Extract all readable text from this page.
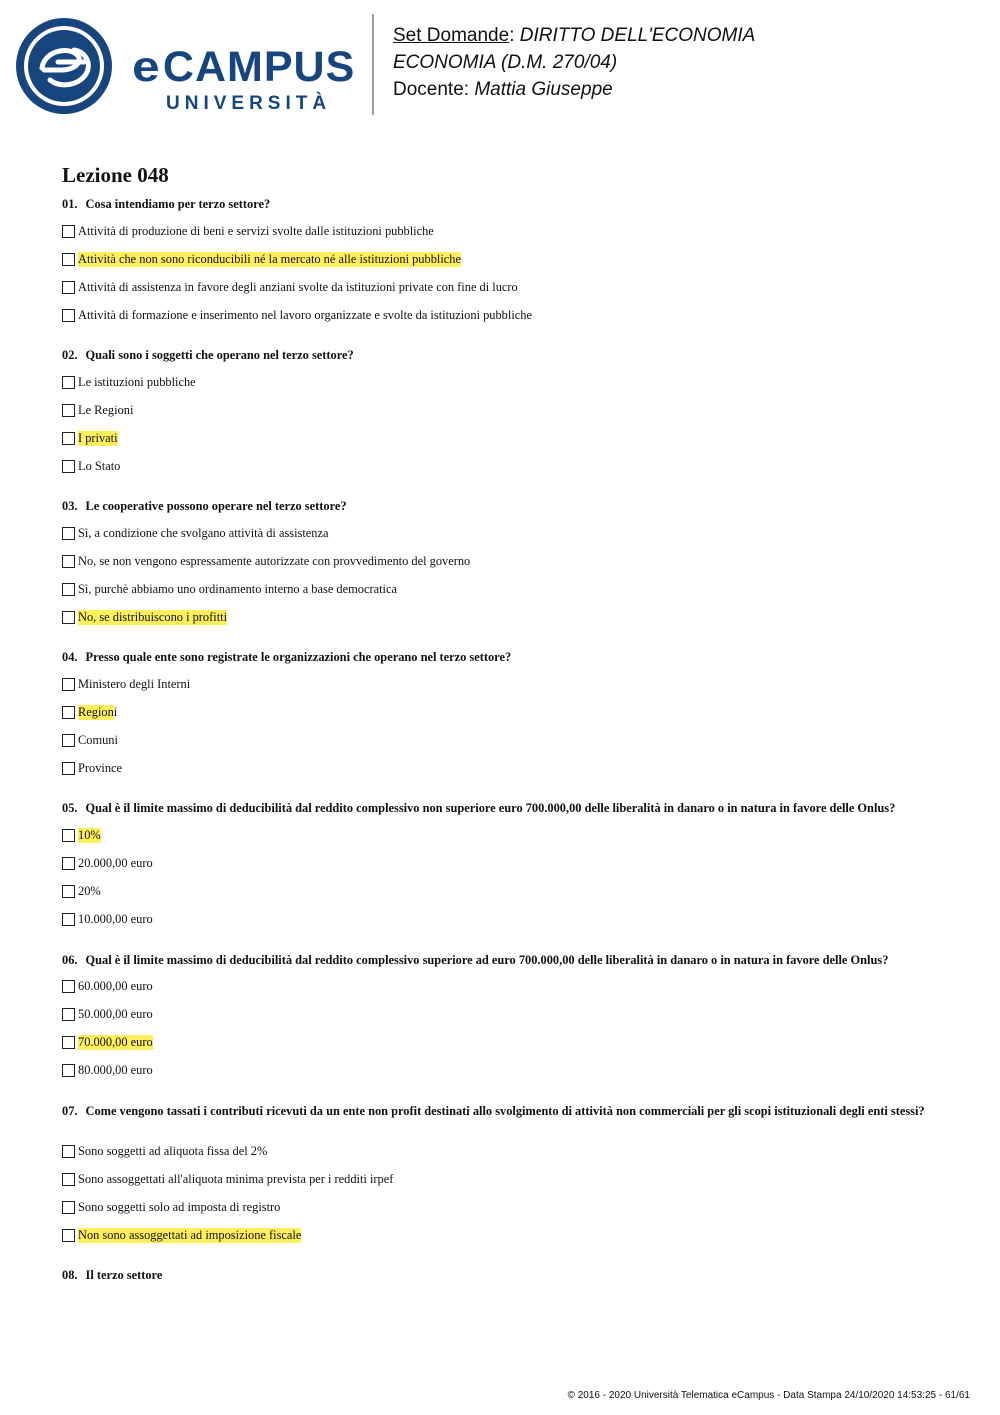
eCAMPUS
UNIVERSITÀ
Set Domande: DIRITTO DELL'ECONOMIA
ECONOMIA (D.M. 270/04)
Docente: Mattia Giuseppe
Lezione 048
01. Cosa intendiamo per terzo settore?
Attività di produzione di beni e servizi svolte dalle istituzioni pubbliche
Attività che non sono riconducibili né la mercato né alle istituzioni pubbliche
Attività di assistenza in favore degli anziani svolte da istituzioni private con fine di lucro
Attività di formazione e inserimento nel lavoro organizzate e svolte da istituzioni pubbliche
02. Quali sono i soggetti che operano nel terzo settore?
Le istituzioni pubbliche
Le Regioni
I privati
Lo Stato
03. Le cooperative possono operare nel terzo settore?
Sì, a condizione che svolgano attività di assistenza
No, se non vengono espressamente autorizzate con provvedimento del governo
Sì, purchè abbiamo uno ordinamento interno a base democratica
No, se distribuiscono i profitti
04. Presso quale ente sono registrate le organizzazioni che operano nel terzo settore?
Ministero degli Interni
Region i
Comuni
Province
05. Qual è il limite massimo di deducibilità dal reddito complessivo non superiore euro 700.000,00 delle liberalità in danaro o in natura in favore delle Onlus?
10%
20.000,00 euro
20%
10.000,00 euro
06. Qual è il limite massimo di deducibilità dal reddito complessivo superiore ad euro 700.000,00 delle liberalità in danaro o in natura in favore delle Onlus?
60.000,00 euro
50.000,00 euro
70.000,00 euro
80.000,00 euro
07. Come vengono tassati i contributi ricevuti da un ente non profit destinati allo svolgimento di attività non commerciali per gli scopi istituzionali degli enti stessi?
Sono soggetti ad aliquota fissa del 2%
Sono assoggettati all'aliquota minima prevista per i redditi irpef
Sono soggetti solo ad imposta di registro
Non sono assoggettati ad imposizione fiscale
08. Il terzo settore
© 2016 - 2020 Università Telematica eCampus - Data Stampa 24/10/2020 14:53:25 - 61/61
